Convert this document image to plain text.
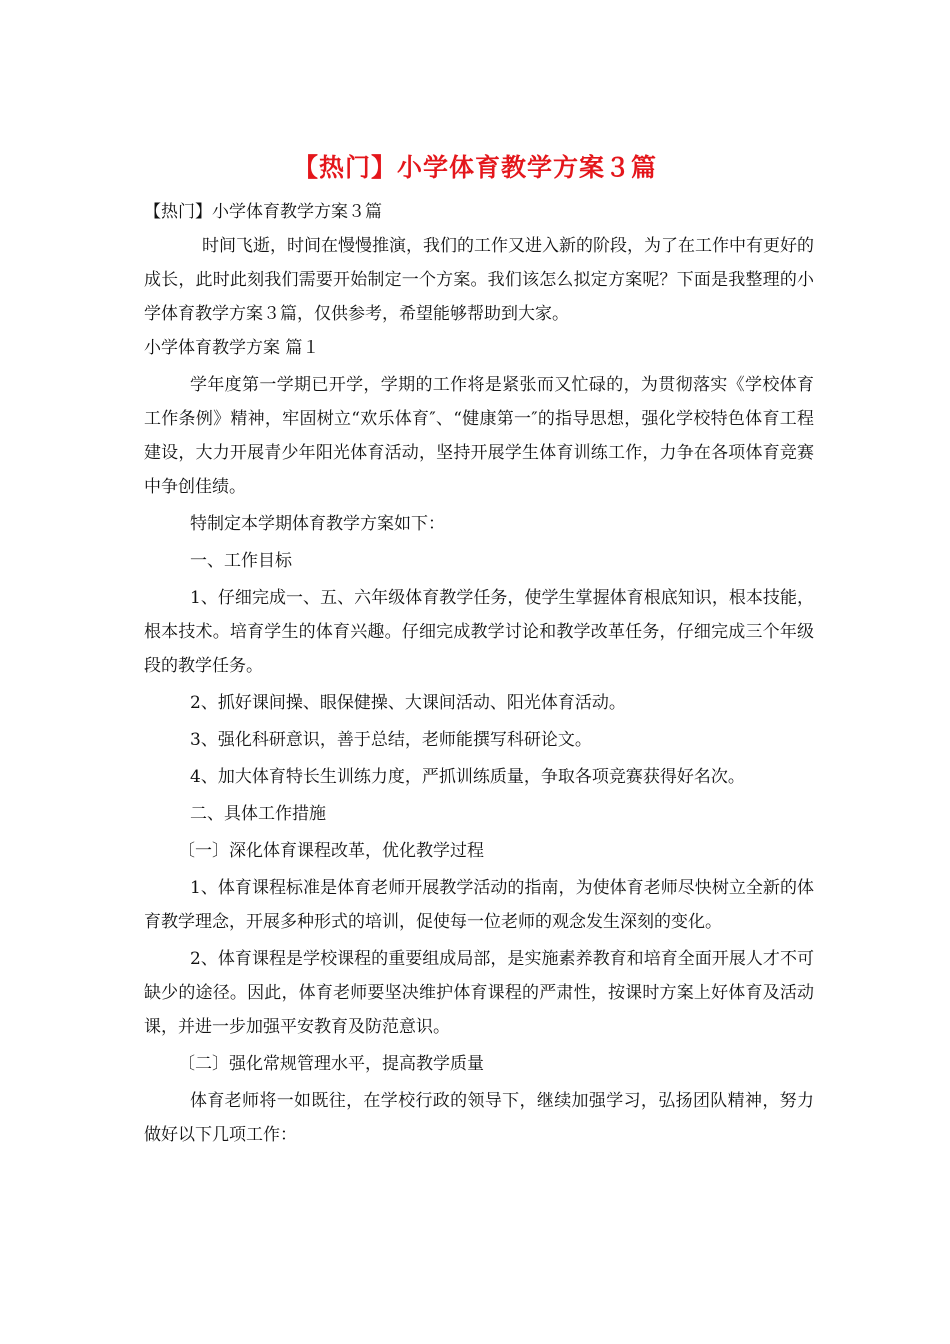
【热门】小学体育教学方案３篇

【热门】小学体育教学方案３篇

时间飞逝，时间在慢慢推演，我们的工作又进入新的阶段，为了在工作中有更好的成长，此时此刻我们需要开始制定一个方案。我们该怎么拟定方案呢？下面是我整理的小学体育教学方案３篇，仅供参考，希望能够帮助到大家。

小学体育教学方案 篇１

学年度第一学期已开学，学期的工作将是紧张而又忙碌的，为贯彻落实《学校体育工作条例》精神，牢固树立“欢乐体育″、“健康第一″的指导思想，强化学校特色体育工程建设，大力开展青少年阳光体育活动，坚持开展学生体育训练工作，力争在各项体育竞赛中争创佳绩。

特制定本学期体育教学方案如下：

一、工作目标

1、仔细完成一、五、六年级体育教学任务，使学生掌握体育根底知识，根本技能，根本技术。培育学生的体育兴趣。仔细完成教学讨论和教学改革任务，仔细完成三个年级段的教学任务。

2、抓好课间操、眼保健操、大课间活动、阳光体育活动。

3、强化科研意识，善于总结，老师能撰写科研论文。

4、加大体育特长生训练力度，严抓训练质量，争取各项竞赛获得好名次。

二、具体工作措施

〔一〕深化体育课程改革，优化教学过程

1、体育课程标准是体育老师开展教学活动的指南，为使体育老师尽快树立全新的体育教学理念，开展多种形式的培训，促使每一位老师的观念发生深刻的变化。

2、体育课程是学校课程的重要组成局部，是实施素养教育和培育全面开展人才不可缺少的途径。因此，体育老师要坚决维护体育课程的严肃性，按课时方案上好体育及活动课，并进一步加强平安教育及防范意识。

〔二〕强化常规管理水平，提高教学质量

体育老师将一如既往，在学校行政的领导下，继续加强学习，弘扬团队精神，努力做好以下几项工作：
